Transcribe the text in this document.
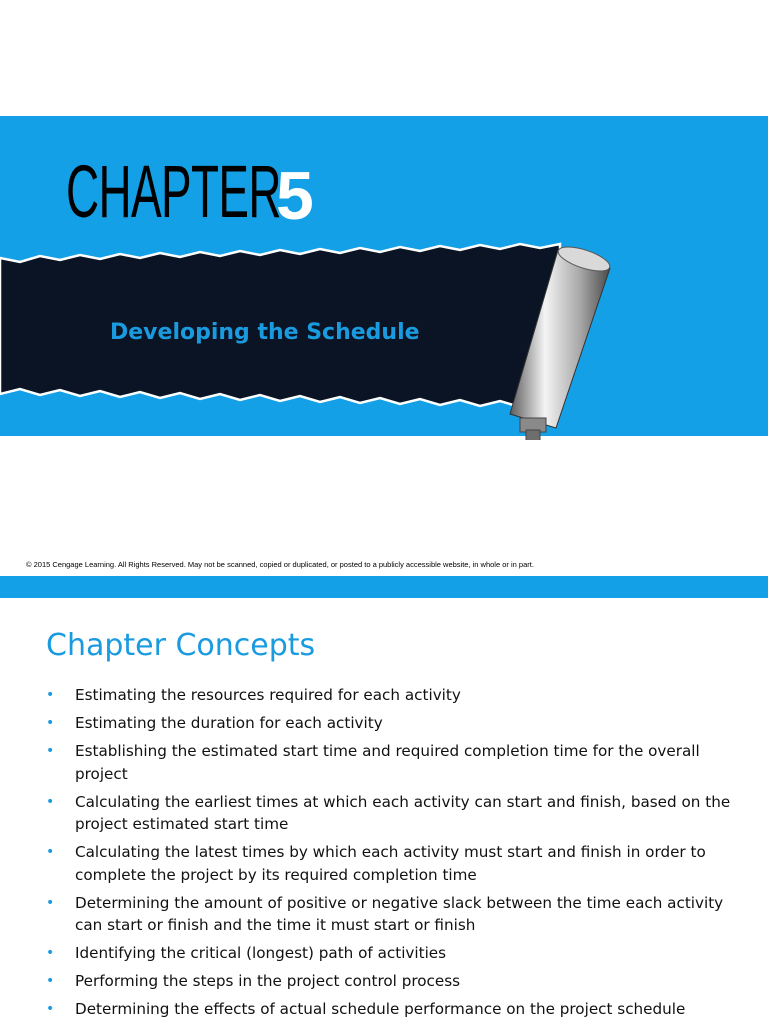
CHAPTER
5
Developing the Schedule
© 2015 Cengage Learning. All Rights Reserved. May not be scanned, copied or duplicated, or posted to a publicly accessible website, in whole or in part.
Chapter Concepts
• Estimating the resources required for each activity
• Estimating the duration for each activity
• Establishing the estimated start time and required completion time for the overall project
• Calculating the earliest times at which each activity can start and finish, based on the project estimated start time
• Calculating the latest times by which each activity must start and finish in order to complete the project by its required completion time
• Determining the amount of positive or negative slack between the time each activity can start or finish and the time it must start or finish
• Identifying the critical (longest) path of activities
• Performing the steps in the project control process
• Determining the effects of actual schedule performance on the project schedule
